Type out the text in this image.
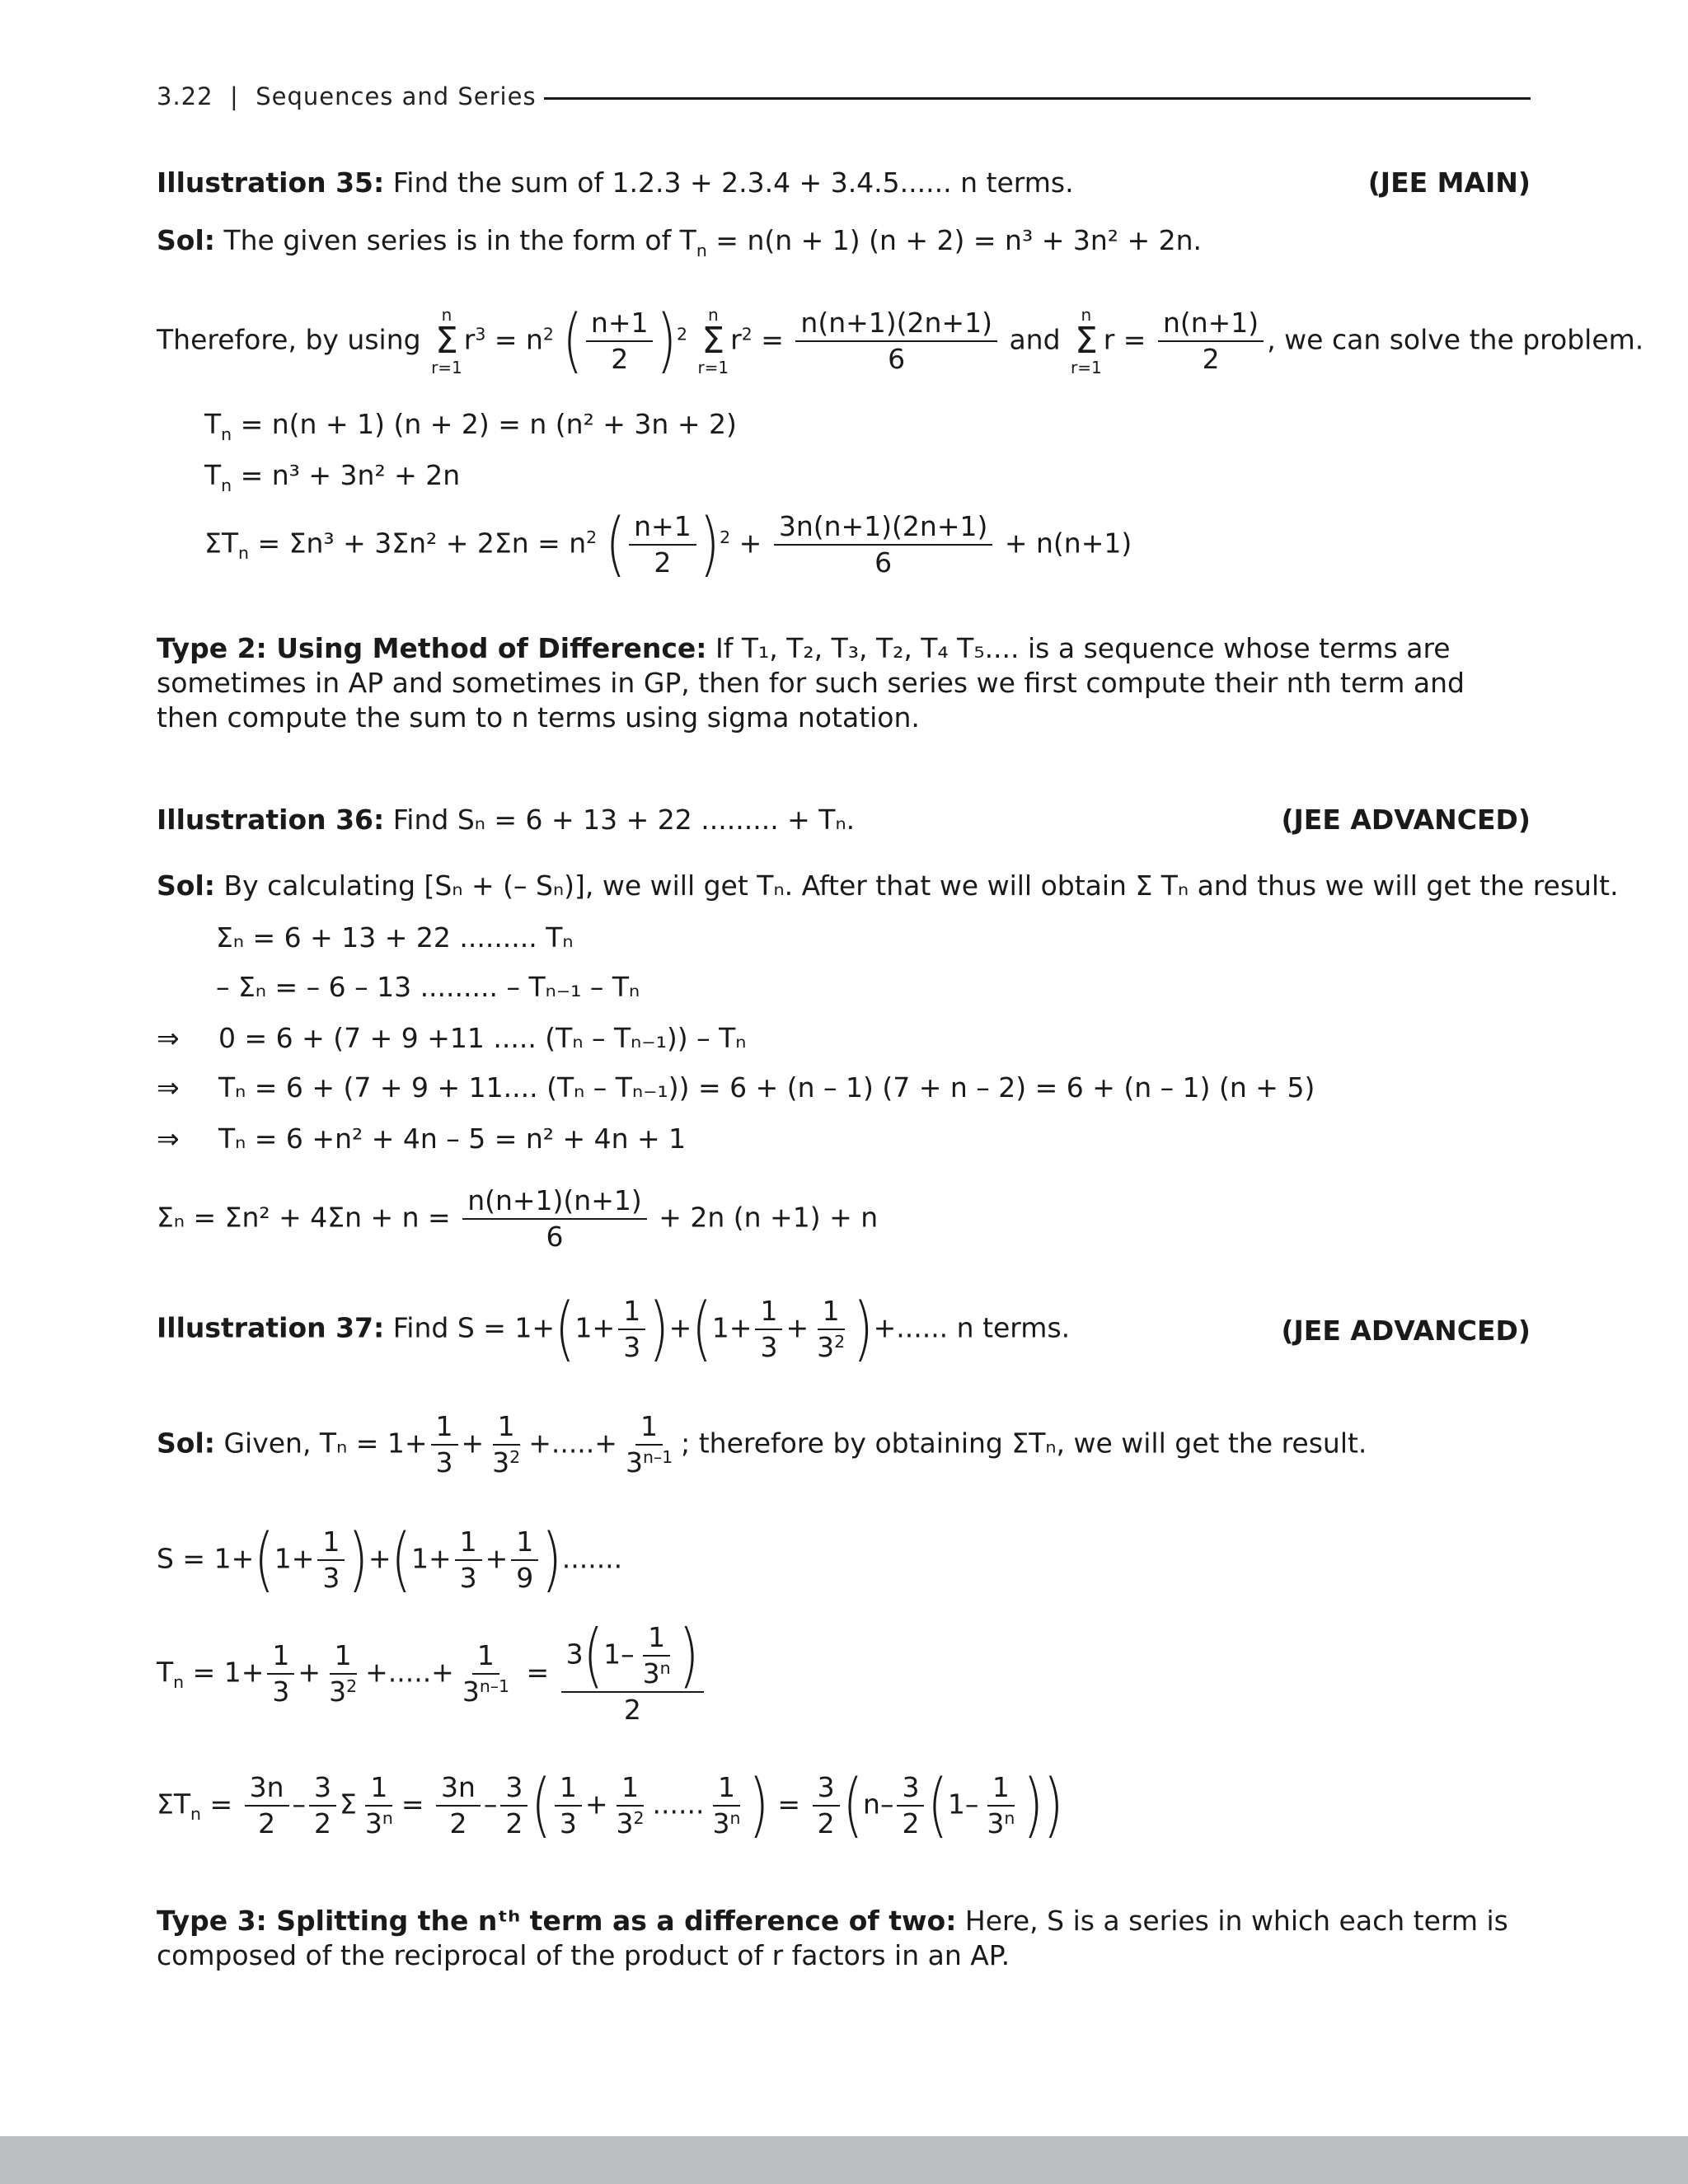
3.22 | Sequences and Series
Illustration 35: Find the sum of 1.2.3 + 2.3.4 + 3.4.5...... n terms.	(JEE MAIN)
Sol: The given series is in the form of $T_n = n(n + 1) (n + 2) = n^3 + 3n^2 + 2n$.
Therefore, by using
n
Σ
r=1
$r^3 = n^2$ ( $\frac{n+1}{2} )^2$
n
Σ
r=1
$r^2 = \frac{n(n+1)(2n+1)}{6}$ and
n
Σ
r=1
$r = \frac{n(n+1)}{2}$ , we can solve the problem.
$T_n = n(n + 1) (n + 2) = n$ (n² + 3n + 2)
$T_n = n^3 + 3n^2 + 2n$
$\Sigma T_n = \Sigma n^3 + 3\Sigma n^2 + 2\Sigma n = n^2$ ( $\frac{n+1}{2} )^2 + \frac{3n(n+1)(2n+1)}{6} + n(n+1)$
Type 2: Using Method of Difference: If T₁, T₂, T₃, T₂, T₄ T₅.... is a sequence whose terms are sometimes in AP and sometimes in GP, then for such series we first compute their nth term and then compute the sum to n terms using sigma notation.
Illustration 36: Find Sₙ = 6 + 13 + 22 ......... + Tₙ.	(JEE ADVANCED)
Sol: By calculating [Sₙ + (– Sₙ)], we will get Tₙ. After that we will obtain Σ Tₙ and thus we will get the result.
Σₙ = 6 + 13 + 22 ......... Tₙ
– Σₙ = – 6 – 13 ......... – Tₙ₋₁ – Tₙ
⇒ 0 = 6 + (7 + 9 +11 ..... (Tₙ – Tₙ₋₁)) – Tₙ
⇒ Tₙ = 6 + (7 + 9 + 11.... (Tₙ – Tₙ₋₁)) = 6 + (n – 1) (7 + n – 2) = 6 + (n – 1) (n + 5)
⇒ Tₙ = 6 +n² + 4n – 5 = n² + 4n + 1
$\Sigma_n = \Sigma n^2 + 4\Sigma n + n = \frac{n(n+1)(n+1)}{6} + 2n$ (n +1) + n
Illustration 37: Find $S = 1+(1+ \frac{1}{3} )+(1+ \frac{1}{3} + \frac{1}{3^2}$ )+...... n terms.	(JEE ADVANCED)
Sol: Given, $T_n = 1+ \frac{1}{3} + \frac{1}{3^2}$ +.....+ $\frac{1}{3^{n-1}}$ ; therefore by obtaining ΣTₙ, we will get the result.
$S = 1+(1+ \frac{1}{3} )+(1+ \frac{1}{3} + \frac{1}{9}$ ).......
$T_n = 1+ \frac{1}{3} + \frac{1}{3^2}$ +.....+ $\frac{1}{3^{n-1}} = \frac{3(1- \frac{1}{3^n} )}{2}$
$\Sigma T_n = \frac{3n}{2} - \frac{3}{2}$ Σ $\frac{1}{3^n} = \frac{3n}{2} - \frac{3}{2}$ ( $\frac{1}{3} + \frac{1}{3^2}$ ...... $\frac{1}{3^n}$ ) = $\frac{3}{2} (n- \frac{3}{2} (1- \frac{1}{3^n}$ ))
Type 3: Splitting the nᵗʰ term as a difference of two: Here, S is a series in which each term is composed of the reciprocal of the product of r factors in an AP.
